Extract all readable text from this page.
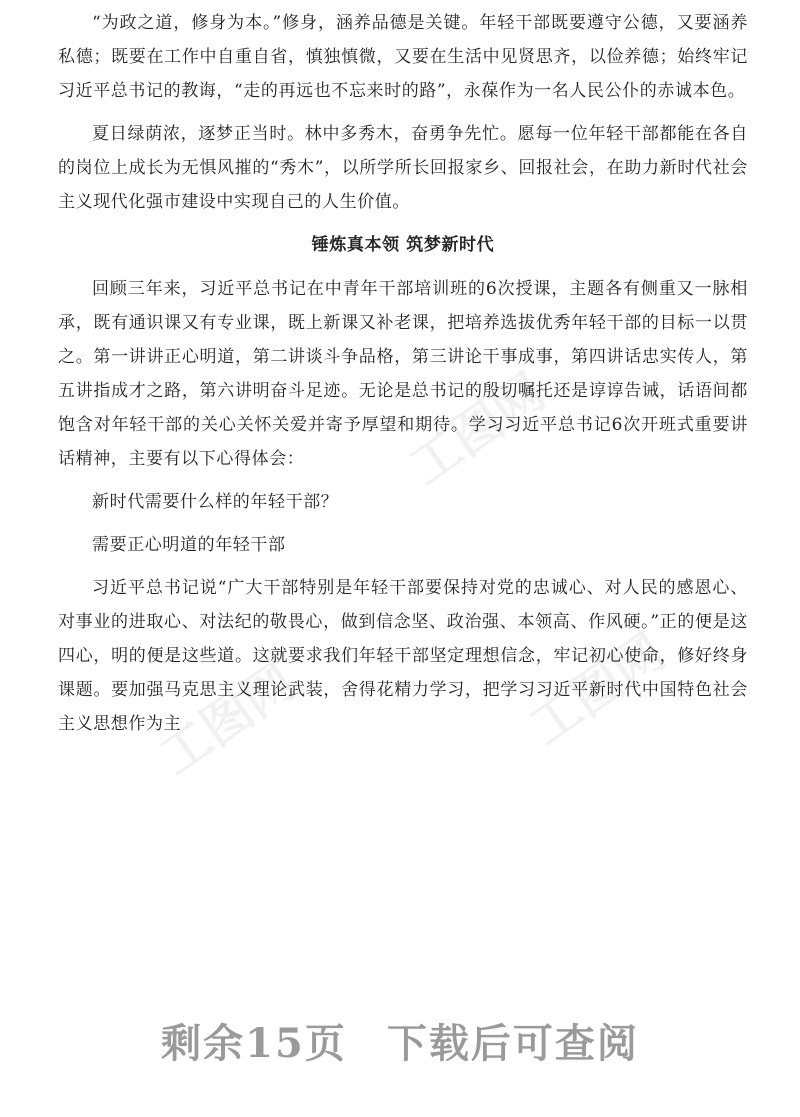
“为政之道，修身为本。”修身，涵养品德是关键。年轻干部既要遵守公德，又要涵养私德；既要在工作中自重自省，慎独慎微，又要在生活中见贤思齐，以俭养德；始终牢记习近平总书记的教诲，“走的再远也不忘来时的路”，永葆作为一名人民公仆的赤诚本色。

夏日绿荫浓，逐梦正当时。林中多秀木，奋勇争先忙。愿每一位年轻干部都能在各自的岗位上成长为无惧风摧的“秀木”，以所学所长回报家乡、回报社会，在助力新时代社会主义现代化强市建设中实现自己的人生价值。

锤炼真本领 筑梦新时代

回顾三年来，习近平总书记在中青年干部培训班的6次授课，主题各有侧重又一脉相承，既有通识课又有专业课，既上新课又补老课，把培养选拔优秀年轻干部的目标一以贯之。第一讲讲正心明道，第二讲谈斗争品格，第三讲论干事成事，第四讲话忠实传人，第五讲指成才之路，第六讲明奋斗足迹。无论是总书记的殷切嘱托还是谆谆告诫，话语间都饱含对年轻干部的关心关怀关爱并寄予厚望和期待。学习习近平总书记6次开班式重要讲话精神，主要有以下心得体会：

新时代需要什么样的年轻干部？

需要正心明道的年轻干部

习近平总书记说“广大干部特别是年轻干部要保持对党的忠诚心、对人民的感恩心、对事业的进取心、对法纪的敬畏心，做到信念坚、政治强、本领高、作风硬。”正的便是这四心，明的便是这些道。这就要求我们年轻干部坚定理想信念，牢记初心使命，修好终身课题。要加强马克思主义理论武装，舍得花精力学习，把学习习近平新时代中国特色社会主义思想作为主

工图网
工图网	工图网
剩余15页 下载后可查阅
